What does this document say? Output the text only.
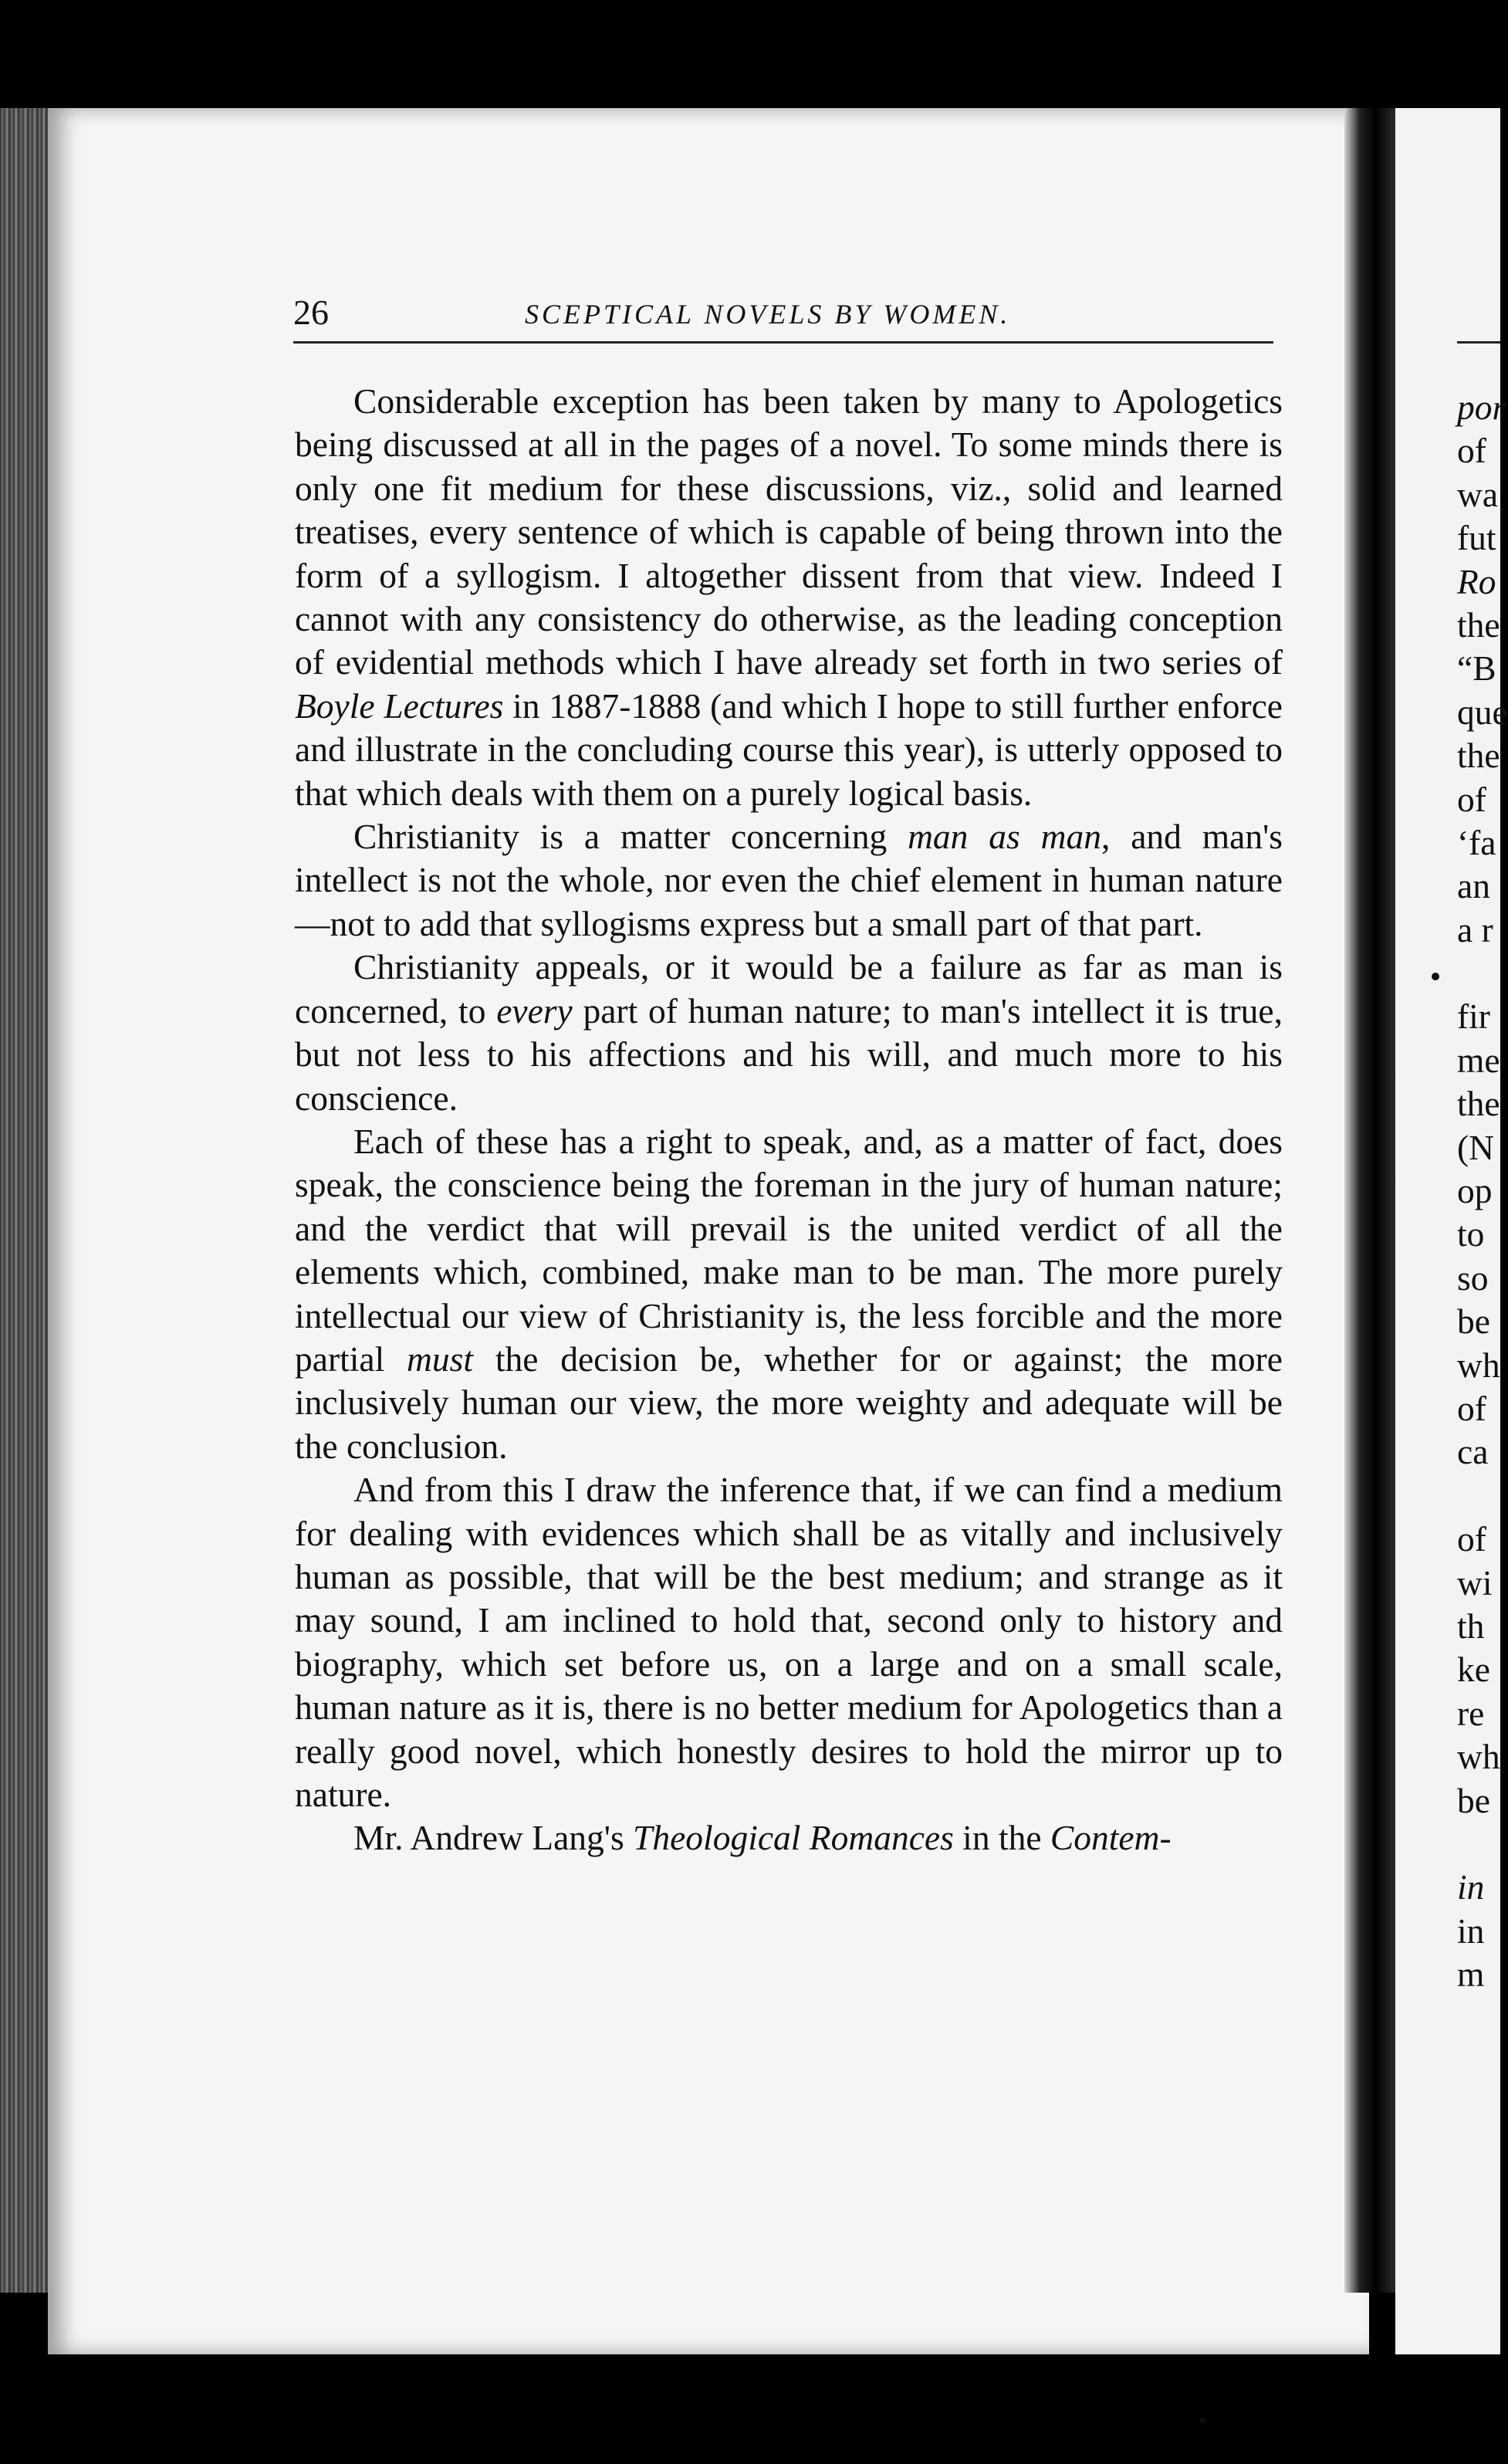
26	SCEPTICAL NOVELS BY WOMEN.

Considerable exception has been taken by many to Apologetics being discussed at all in the pages of a novel. To some minds there is only one fit medium for these discussions, viz., solid and learned treatises, every sentence of which is capable of being thrown into the form of a syllogism. I altogether dissent from that view. Indeed I cannot with any consistency do otherwise, as the leading conception of evidential methods which I have already set forth in two series of Boyle Lectures in 1887-1888 (and which I hope to still further enforce and illustrate in the concluding course this year), is utterly opposed to that which deals with them on a purely logical basis.

Christianity is a matter concerning man as man, and man's intellect is not the whole, nor even the chief element in human nature—not to add that syllogisms express but a small part of that part.

Christianity appeals, or it would be a failure as far as man is concerned, to every part of human nature; to man's intellect it is true, but not less to his affections and his will, and much more to his conscience.

Each of these has a right to speak, and, as a matter of fact, does speak, the conscience being the foreman in the jury of human nature; and the verdict that will prevail is the united verdict of all the elements which, combined, make man to be man. The more purely intellectual our view of Christianity is, the less forcible and the more partial must the decision be, whether for or against; the more inclusively human our view, the more weighty and adequate will be the conclusion.

And from this I draw the inference that, if we can find a medium for dealing with evidences which shall be as vitally and inclusively human as possible, that will be the best medium; and strange as it may sound, I am inclined to hold that, second only to history and biography, which set before us, on a large and on a small scale, human nature as it is, there is no better medium for Apologetics than a really good novel, which honestly desires to hold the mirror up to nature.

Mr. Andrew Lang's Theological Romances in the Contem-

por
of
wa
fut
Ro
the
“B
que
the
of
‘fa
an
a r
fir
me
the
(N
op
to
so
be
wh
of
ca
of
wi
th
ke
re
wh
be
in
in
m
